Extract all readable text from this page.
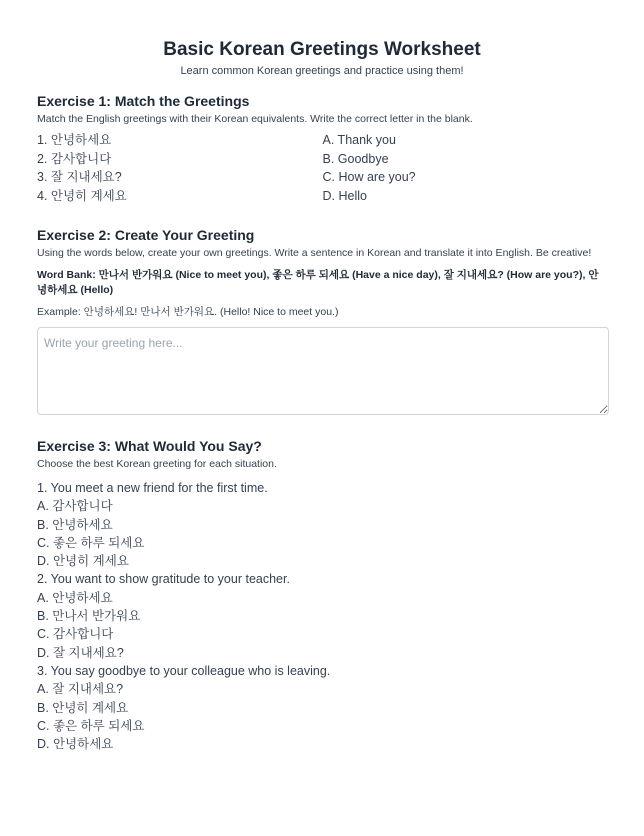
Basic Korean Greetings Worksheet
Learn common Korean greetings and practice using them!
Exercise 1: Match the Greetings
Match the English greetings with their Korean equivalents. Write the correct letter in the blank.
1. 안녕하세요
2. 감사합니다
3. 잘 지내세요?
4. 안녕히 계세요
A. Thank you
B. Goodbye
C. How are you?
D. Hello
Exercise 2: Create Your Greeting
Using the words below, create your own greetings. Write a sentence in Korean and translate it into English. Be creative!
Word Bank: 만나서 반가워요 (Nice to meet you), 좋은 하루 되세요 (Have a nice day), 잘 지내세요? (How are you?), 안녕하세요 (Hello)
Example: 안녕하세요! 만나서 반가워요. (Hello! Nice to meet you.)
Write your greeting here...
Exercise 3: What Would You Say?
Choose the best Korean greeting for each situation.
1. You meet a new friend for the first time.
A. 감사합니다
B. 안녕하세요
C. 좋은 하루 되세요
D. 안녕히 계세요
2. You want to show gratitude to your teacher.
A. 안녕하세요
B. 만나서 반가워요
C. 감사합니다
D. 잘 지내세요?
3. You say goodbye to your colleague who is leaving.
A. 잘 지내세요?
B. 안녕히 계세요
C. 좋은 하루 되세요
D. 안녕하세요
